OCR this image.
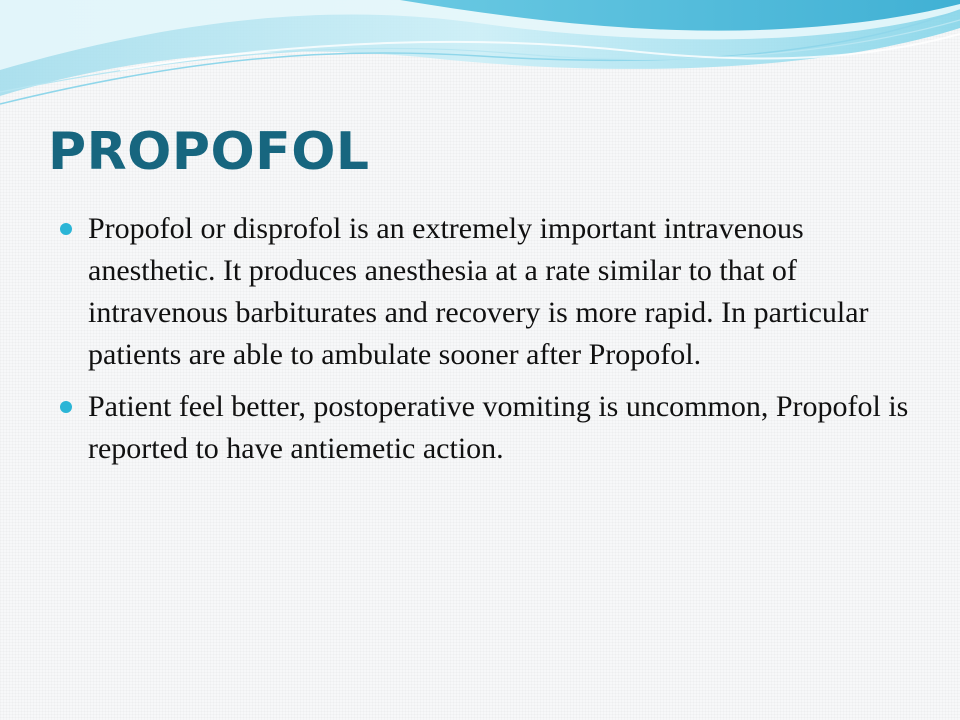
PROPOFOL
Propofol or disprofol is an extremely important intravenous anesthetic. It produces anesthesia at a rate similar to that of intravenous barbiturates and recovery is more rapid. In particular patients are able to ambulate sooner after Propofol.
Patient feel better, postoperative vomiting is uncommon, Propofol is reported to have antiemetic action.
